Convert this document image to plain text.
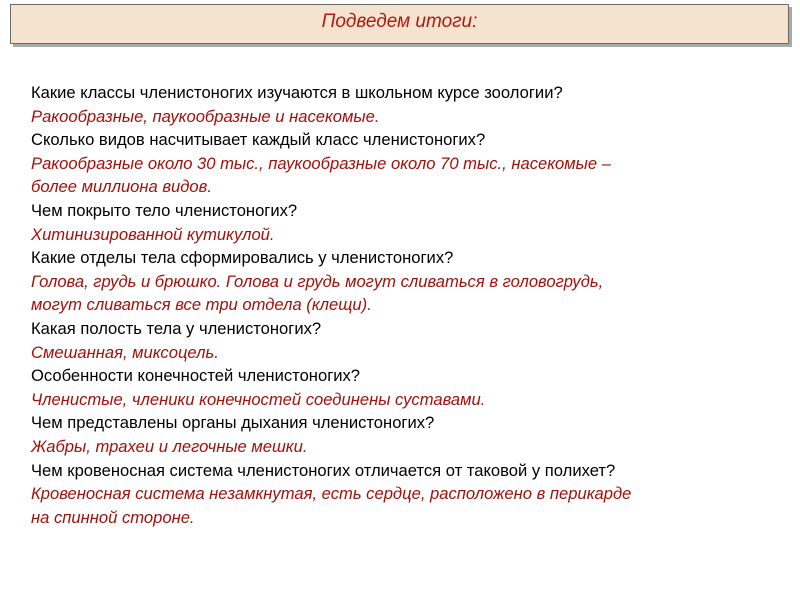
Подведем итоги:
Какие классы членистоногих изучаются в школьном курсе зоологии?
Ракообразные, паукообразные и насекомые.
Сколько видов насчитывает каждый класс членистоногих?
Ракообразные около 30 тыс., паукообразные около 70 тыс., насекомые –
более миллиона видов.
Чем покрыто тело членистоногих?
Хитинизированной кутикулой.
Какие отделы тела сформировались у членистоногих?
Голова, грудь и брюшко. Голова и грудь могут сливаться в головогрудь,
могут сливаться все три отдела (клещи).
Какая полость тела у членистоногих?
Смешанная, миксоцель.
Особенности конечностей членистоногих?
Членистые, членики конечностей соединены суставами.
Чем представлены органы дыхания членистоногих?
Жабры, трахеи и легочные мешки.
Чем кровеносная система членистоногих отличается от таковой у полихет?
Кровеносная система незамкнутая, есть сердце, расположено в перикарде
на спинной стороне.
